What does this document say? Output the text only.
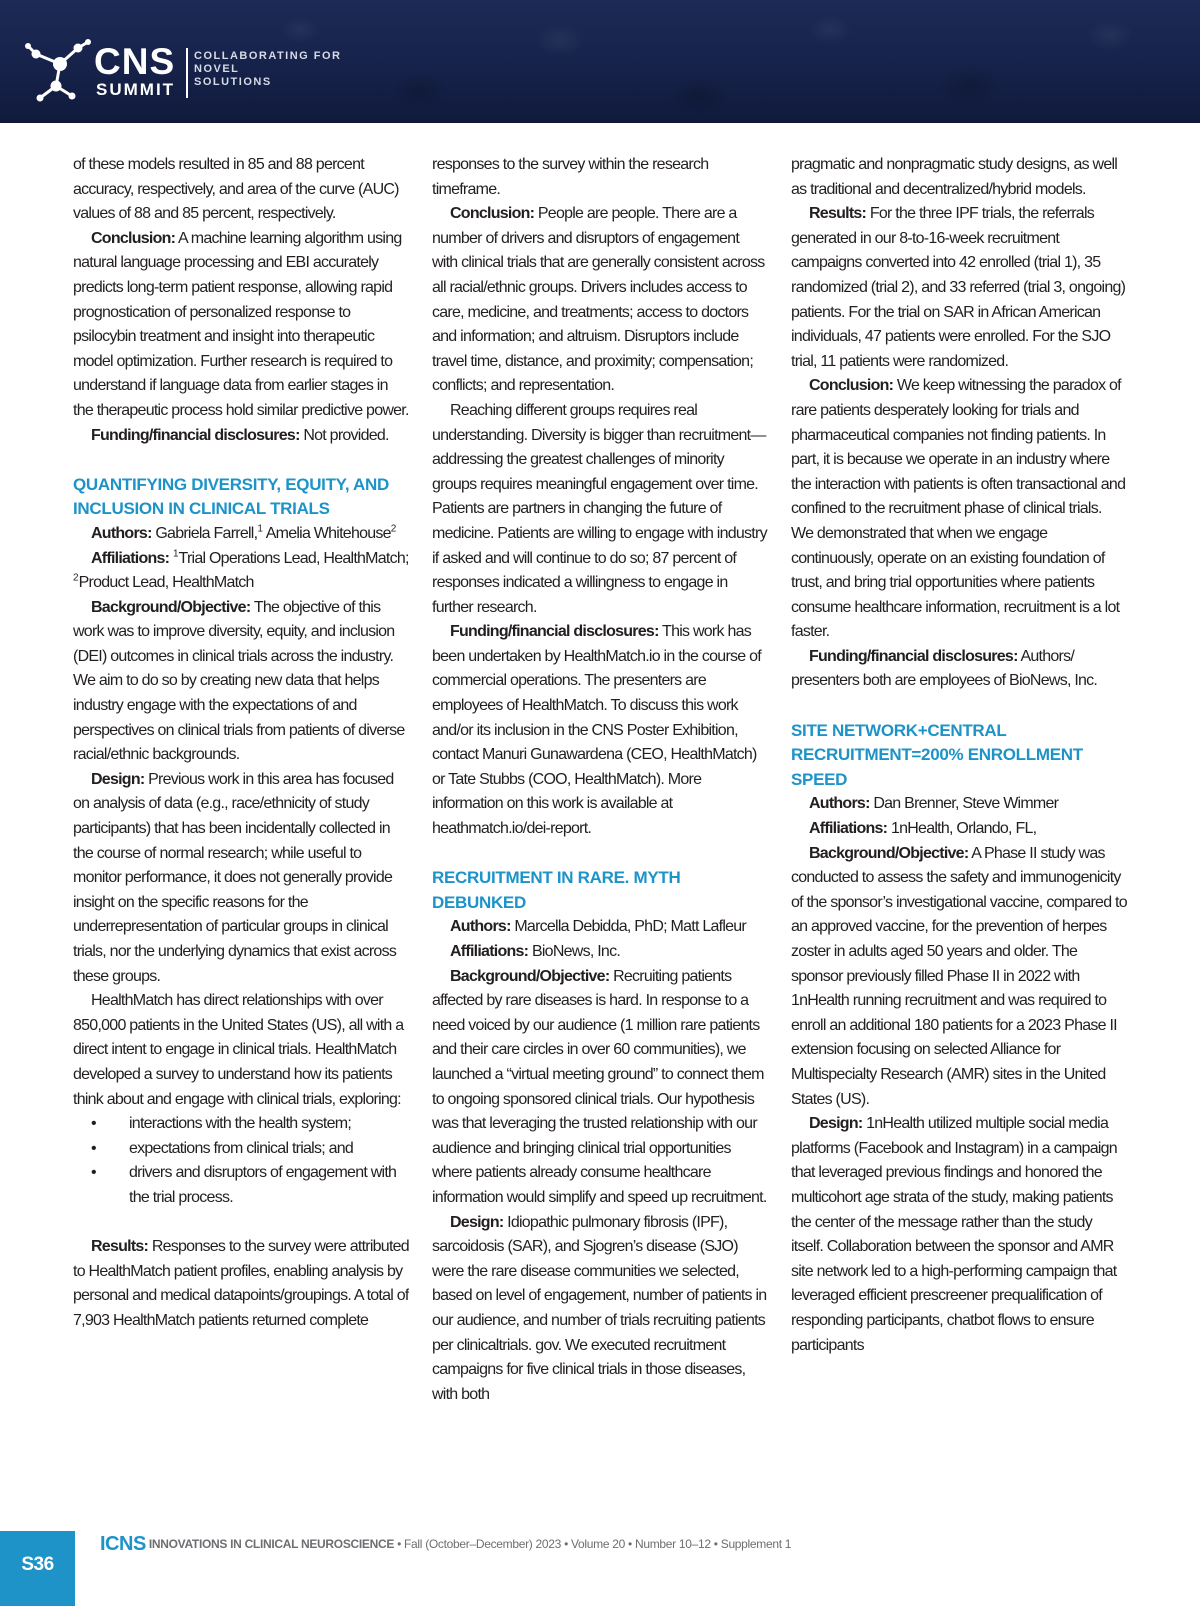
CNS
SUMMIT
COLLABORATING FOR
NOVEL
SOLUTIONS

of these models resulted in 85 and 88 percent accuracy, respectively, and area of the curve (AUC) values of 88 and 85 percent, respectively.

Conclusion: A machine learning algorithm using natural language processing and EBI accurately predicts long-term patient response, allowing rapid prognostication of personalized response to psilocybin treatment and insight into therapeutic model optimization. Further research is required to understand if language data from earlier stages in the therapeutic process hold similar predictive power.

Funding/financial disclosures: Not provided.

QUANTIFYING DIVERSITY, EQUITY, AND
INCLUSION IN CLINICAL TRIALS

Authors: Gabriela Farrell,$^1$ Amelia Whitehouse$^2$

Affiliations: $^1$Trial Operations Lead, HealthMatch; $^2$Product Lead, HealthMatch

Background/Objective: The objective of this work was to improve diversity, equity, and inclusion (DEI) outcomes in clinical trials across the industry. We aim to do so by creating new data that helps industry engage with the expectations of and perspectives on clinical trials from patients of diverse racial/ethnic backgrounds.

Design: Previous work in this area has focused on analysis of data (e.g., race/ethnicity of study participants) that has been incidentally collected in the course of normal research; while useful to monitor performance, it does not generally provide insight on the specific reasons for the underrepresentation of particular groups in clinical trials, nor the underlying dynamics that exist across these groups.

HealthMatch has direct relationships with over 850,000 patients in the United States (US), all with a direct intent to engage in clinical trials. HealthMatch developed a survey to understand how its patients think about and engage with clinical trials, exploring:

• interactions with the health system;
• expectations from clinical trials; and
• drivers and disruptors of engagement with the trial process.

Results: Responses to the survey were attributed to HealthMatch patient profiles, enabling analysis by personal and medical datapoints/groupings. A total of 7,903 HealthMatch patients returned complete

responses to the survey within the research timeframe.

Conclusion: People are people. There are a number of drivers and disruptors of engagement with clinical trials that are generally consistent across all racial/ethnic groups. Drivers includes access to care, medicine, and treatments; access to doctors and information; and altruism. Disruptors include travel time, distance, and proximity; compensation; conflicts; and representation.

Reaching different groups requires real understanding. Diversity is bigger than recruitment—addressing the greatest challenges of minority groups requires meaningful engagement over time. Patients are partners in changing the future of medicine. Patients are willing to engage with industry if asked and will continue to do so; 87 percent of responses indicated a willingness to engage in further research.

Funding/financial disclosures: This work has been undertaken by HealthMatch.io in the course of commercial operations. The presenters are employees of HealthMatch. To discuss this work and/or its inclusion in the CNS Poster Exhibition, contact Manuri Gunawardena (CEO, HealthMatch) or Tate Stubbs (COO, HealthMatch). More information on this work is available at heathmatch.io/dei-report.

RECRUITMENT IN RARE. MYTH DEBUNKED

Authors: Marcella Debidda, PhD; Matt Lafleur

Affiliations: BioNews, Inc.

Background/Objective: Recruiting patients affected by rare diseases is hard. In response to a need voiced by our audience (1 million rare patients and their care circles in over 60 communities), we launched a “virtual meeting ground” to connect them to ongoing sponsored clinical trials. Our hypothesis was that leveraging the trusted relationship with our audience and bringing clinical trial opportunities where patients already consume healthcare information would simplify and speed up recruitment.

Design: Idiopathic pulmonary fibrosis (IPF), sarcoidosis (SAR), and Sjogren’s disease (SJO) were the rare disease communities we selected, based on level of engagement, number of patients in our audience, and number of trials recruiting patients per clinicaltrials. gov. We executed recruitment campaigns for five clinical trials in those diseases, with both

pragmatic and nonpragmatic study designs, as well as traditional and decentralized/hybrid models.

Results: For the three IPF trials, the referrals generated in our 8-to-16-week recruitment campaigns converted into 42 enrolled (trial 1), 35 randomized (trial 2), and 33 referred (trial 3, ongoing) patients. For the trial on SAR in African American individuals, 47 patients were enrolled. For the SJO trial, 11 patients were randomized.

Conclusion: We keep witnessing the paradox of rare patients desperately looking for trials and pharmaceutical companies not finding patients. In part, it is because we operate in an industry where the interaction with patients is often transactional and confined to the recruitment phase of clinical trials. We demonstrated that when we engage continuously, operate on an existing foundation of trust, and bring trial opportunities where patients consume healthcare information, recruitment is a lot faster.

Funding/financial disclosures: Authors/ presenters both are employees of BioNews, Inc.

SITE NETWORK+CENTRAL
RECRUITMENT=200% ENROLLMENT
SPEED

Authors: Dan Brenner, Steve Wimmer

Affiliations: 1nHealth, Orlando, FL,

Background/Objective: A Phase II study was conducted to assess the safety and immunogenicity of the sponsor’s investigational vaccine, compared to an approved vaccine, for the prevention of herpes zoster in adults aged 50 years and older. The sponsor previously filled Phase II in 2022 with 1nHealth running recruitment and was required to enroll an additional 180 patients for a 2023 Phase II extension focusing on selected Alliance for Multispecialty Research (AMR) sites in the United States (US).

Design: 1nHealth utilized multiple social media platforms (Facebook and Instagram) in a campaign that leveraged previous findings and honored the multicohort age strata of the study, making patients the center of the message rather than the study itself. Collaboration between the sponsor and AMR site network led to a high-performing campaign that leveraged efficient prescreener prequalification of responding participants, chatbot flows to ensure participants

S36
ICNS INNOVATIONS IN CLINICAL NEUROSCIENCE • Fall (October–December) 2023 • Volume 20 • Number 10–12 • Supplement 1
